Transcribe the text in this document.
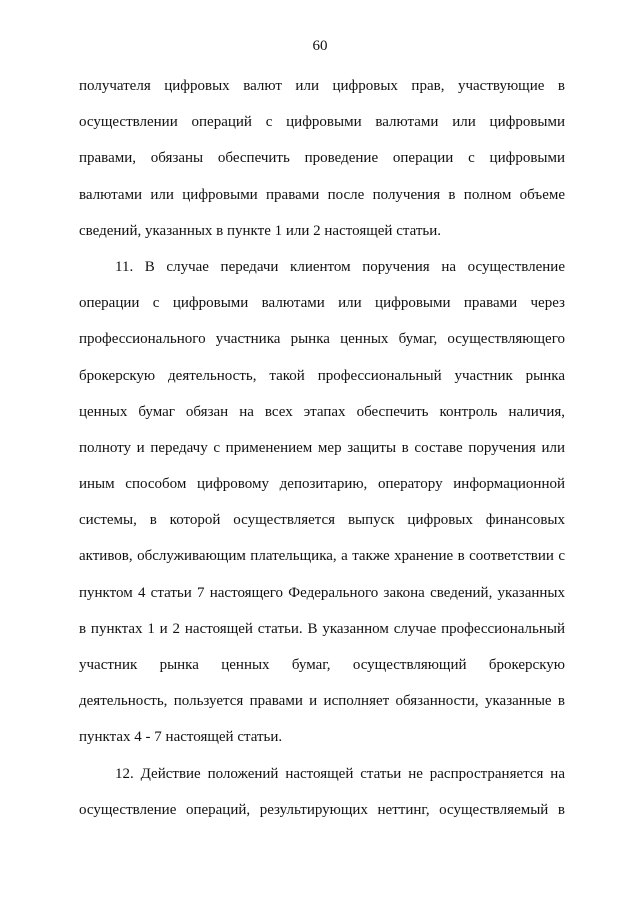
60
получателя цифровых валют или цифровых прав, участвующие в
осуществлении операций с цифровыми валютами или цифровыми
правами, обязаны обеспечить проведение операции с цифровыми
валютами или цифровыми правами после получения в полном объеме
сведений, указанных в пункте 1 или 2 настоящей статьи.
11. В случае передачи клиентом поручения на осуществление
операции с цифровыми валютами или цифровыми правами через
профессионального участника рынка ценных бумаг, осуществляющего
брокерскую деятельность, такой профессиональный участник рынка
ценных бумаг обязан на всех этапах обеспечить контроль наличия,
полноту и передачу с применением мер защиты в составе поручения или
иным способом цифровому депозитарию, оператору информационной
системы, в которой осуществляется выпуск цифровых финансовых
активов, обслуживающим плательщика, а также хранение в соответствии с
пунктом 4 статьи 7 настоящего Федерального закона сведений, указанных
в пунктах 1 и 2 настоящей статьи. В указанном случае профессиональный
участник рынка ценных бумаг, осуществляющий брокерскую
деятельность, пользуется правами и исполняет обязанности, указанные в
пунктах 4 - 7 настоящей статьи.
12. Действие положений настоящей статьи не распространяется на
осуществление операций, результирующих неттинг, осуществляемый в
